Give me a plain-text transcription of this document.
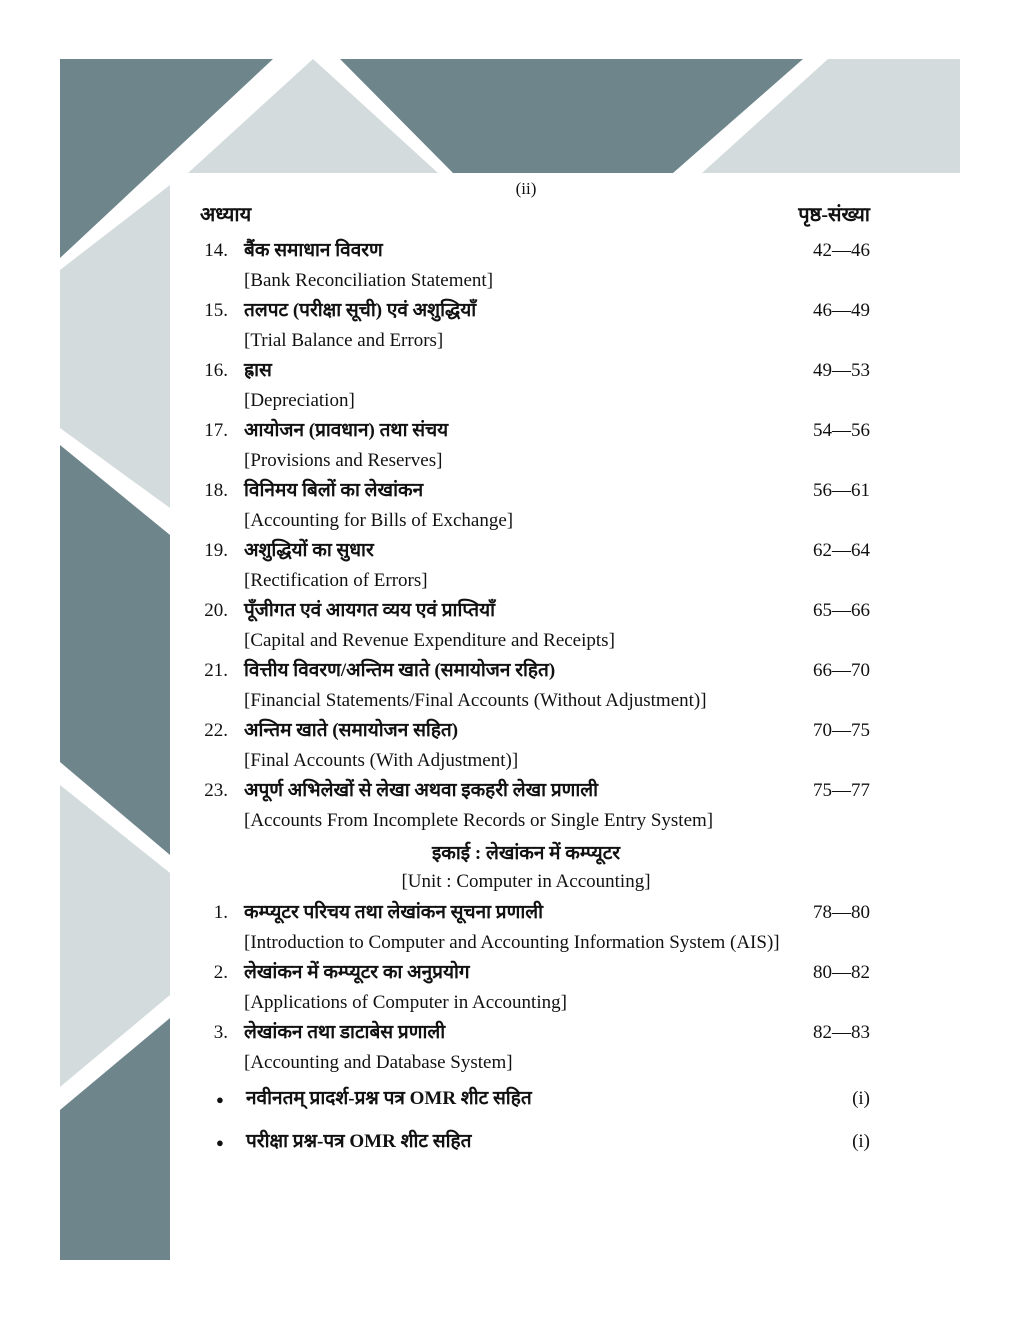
(ii)
अध्याय	पृष्ठ-संख्या
14. बैंक समाधान विवरण	42—46
[Bank Reconciliation Statement]
15. तलपट (परीक्षा सूची) एवं अशुद्धियाँ	46—49
[Trial Balance and Errors]
16. ह्रास	49—53
[Depreciation]
17. आयोजन (प्रावधान) तथा संचय	54—56
[Provisions and Reserves]
18. विनिमय बिलों का लेखांकन	56—61
[Accounting for Bills of Exchange]
19. अशुद्धियों का सुधार	62—64
[Rectification of Errors]
20. पूँजीगत एवं आयगत व्यय एवं प्राप्तियाँ	65—66
[Capital and Revenue Expenditure and Receipts]
21. वित्तीय विवरण/अन्तिम खाते (समायोजन रहित)	66—70
[Financial Statements/Final Accounts (Without Adjustment)]
22. अन्तिम खाते (समायोजन सहित)	70—75
[Final Accounts (With Adjustment)]
23. अपूर्ण अभिलेखों से लेखा अथवा इकहरी लेखा प्रणाली	75—77
[Accounts From Incomplete Records or Single Entry System]
इकाई : लेखांकन में कम्प्यूटर
[Unit : Computer in Accounting]
1. कम्प्यूटर परिचय तथा लेखांकन सूचना प्रणाली	78—80
[Introduction to Computer and Accounting Information System (AIS)]
2. लेखांकन में कम्प्यूटर का अनुप्रयोग	80—82
[Applications of Computer in Accounting]
3. लेखांकन तथा डाटाबेस प्रणाली	82—83
[Accounting and Database System]
●	नवीनतम् प्रादर्श-प्रश्न पत्र OMR शीट सहित	(i)
●	परीक्षा प्रश्न-पत्र OMR शीट सहित	(i)
